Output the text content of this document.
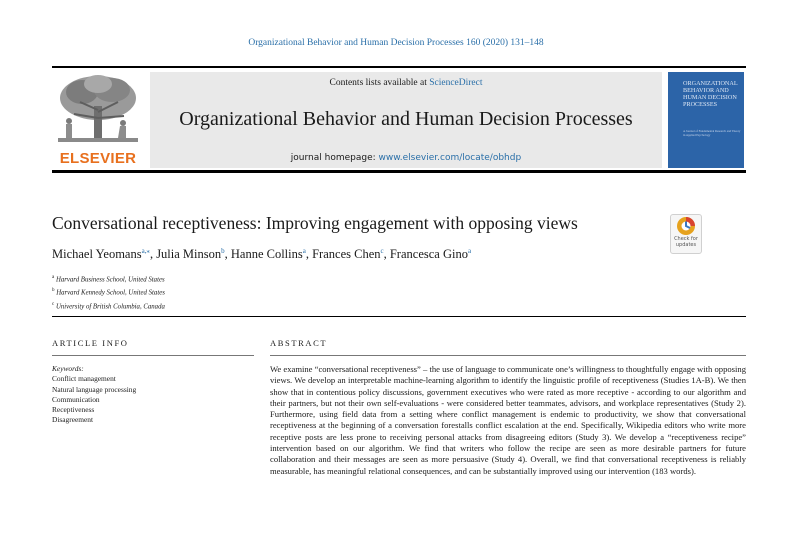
Organizational Behavior and Human Decision Processes 160 (2020) 131–148
ELSEVIER
Contents lists available at ScienceDirect
Organizational Behavior and Human Decision Processes
journal homepage: www.elsevier.com/locate/obhdp
ORGANIZATIONAL BEHAVIOR AND HUMAN DECISION PROCESSES
A Journal of Fundamental Research and Theory in Applied Psychology
Conversational receptiveness: Improving engagement with opposing views
Check for updates
Michael Yeomans$^{a,⁎}$, Julia Minson$^b$, Hanne Collins$^a$, Frances Chen$^c$, Francesca Gino$^a$
$^a$ Harvard Business School, United States
$^b$ Harvard Kennedy School, United States
$^c$ University of British Columbia, Canada
ARTICLE INFO	ABSTRACT
Keywords:
Conflict management
Natural language processing
Communication
Receptiveness
Disagreement
We examine “conversational receptiveness” – the use of language to communicate one’s willingness to thoughtfully engage with opposing views. We develop an interpretable machine-learning algorithm to identify the linguistic profile of receptiveness (Studies 1A-B). We then show that in contentious policy discussions, government executives who were rated as more receptive - according to our algorithm and their partners, but not their own self-evaluations - were considered better teammates, advisors, and workplace representatives (Study 2). Furthermore, using field data from a setting where conflict management is endemic to productivity, we show that conversational receptiveness at the beginning of a conversation forestalls conflict escalation at the end. Specifically, Wikipedia editors who write more receptive posts are less prone to receiving personal attacks from disagreeing editors (Study 3). We develop a “receptiveness recipe” intervention based on our algorithm. We find that writers who follow the recipe are seen as more desirable partners for future collaboration and their messages are seen as more persuasive (Study 4). Overall, we find that conversational receptiveness is reliably measurable, has meaningful relational consequences, and can be substantially improved using our intervention (183 words).
